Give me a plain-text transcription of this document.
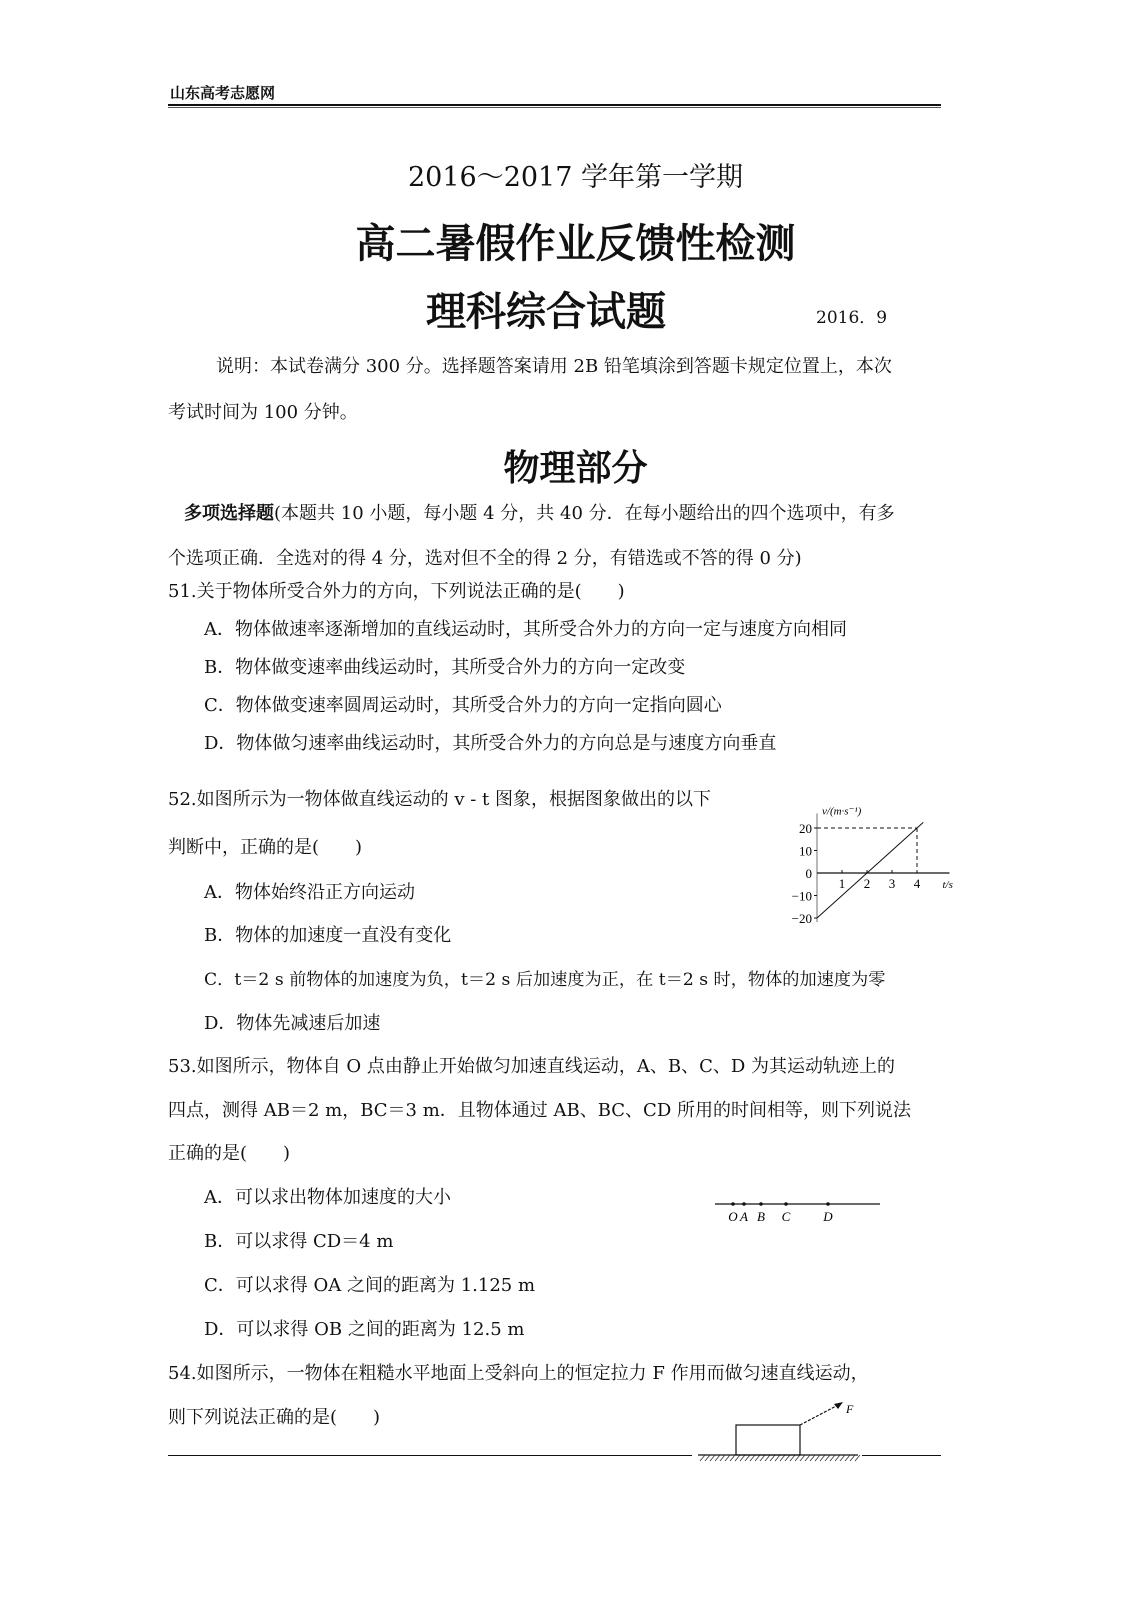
山东高考志愿网
2016～2017 学年第一学期
高二暑假作业反馈性检测
理科综合试题	2016．9
说明：本试卷满分 300 分。选择题答案请用 2B 铅笔填涂到答题卡规定位置上，本次
考试时间为 100 分钟。
物理部分
多项选择题(本题共 10 小题，每小题 4 分，共 40 分．在每小题给出的四个选项中，有多
个选项正确．全选对的得 4 分，选对但不全的得 2 分，有错选或不答的得 0 分)
51.关于物体所受合外力的方向，下列说法正确的是(　　)
A．物体做速率逐渐增加的直线运动时，其所受合外力的方向一定与速度方向相同
B．物体做变速率曲线运动时，其所受合外力的方向一定改变
C．物体做变速率圆周运动时，其所受合外力的方向一定指向圆心
D．物体做匀速率曲线运动时，其所受合外力的方向总是与速度方向垂直
52.如图所示为一物体做直线运动的 v - t 图象，根据图象做出的以下
判断中，正确的是(　　)
A．物体始终沿正方向运动
B．物体的加速度一直没有变化
C．t＝2 s 前物体的加速度为负，t＝2 s 后加速度为正，在 t＝2 s 时，物体的加速度为零
D．物体先减速后加速
−20
−10
0
10
20
1 2 3 4
v/(m·s⁻¹)
t/s
53.如图所示，物体自 O 点由静止开始做匀加速直线运动，A、B、C、D 为其运动轨迹上的
四点，测得 AB＝2 m，BC＝3 m．且物体通过 AB、BC、CD 所用的时间相等，则下列说法
正确的是(　　)
A．可以求出物体加速度的大小
B．可以求得 CD＝4 m
C．可以求得 OA 之间的距离为 1.125 m
D．可以求得 OB 之间的距离为 12.5 m
O A B C	D
54.如图所示，一物体在粗糙水平地面上受斜向上的恒定拉力 F 作用而做匀速直线运动，
则下列说法正确的是(　　)	F
